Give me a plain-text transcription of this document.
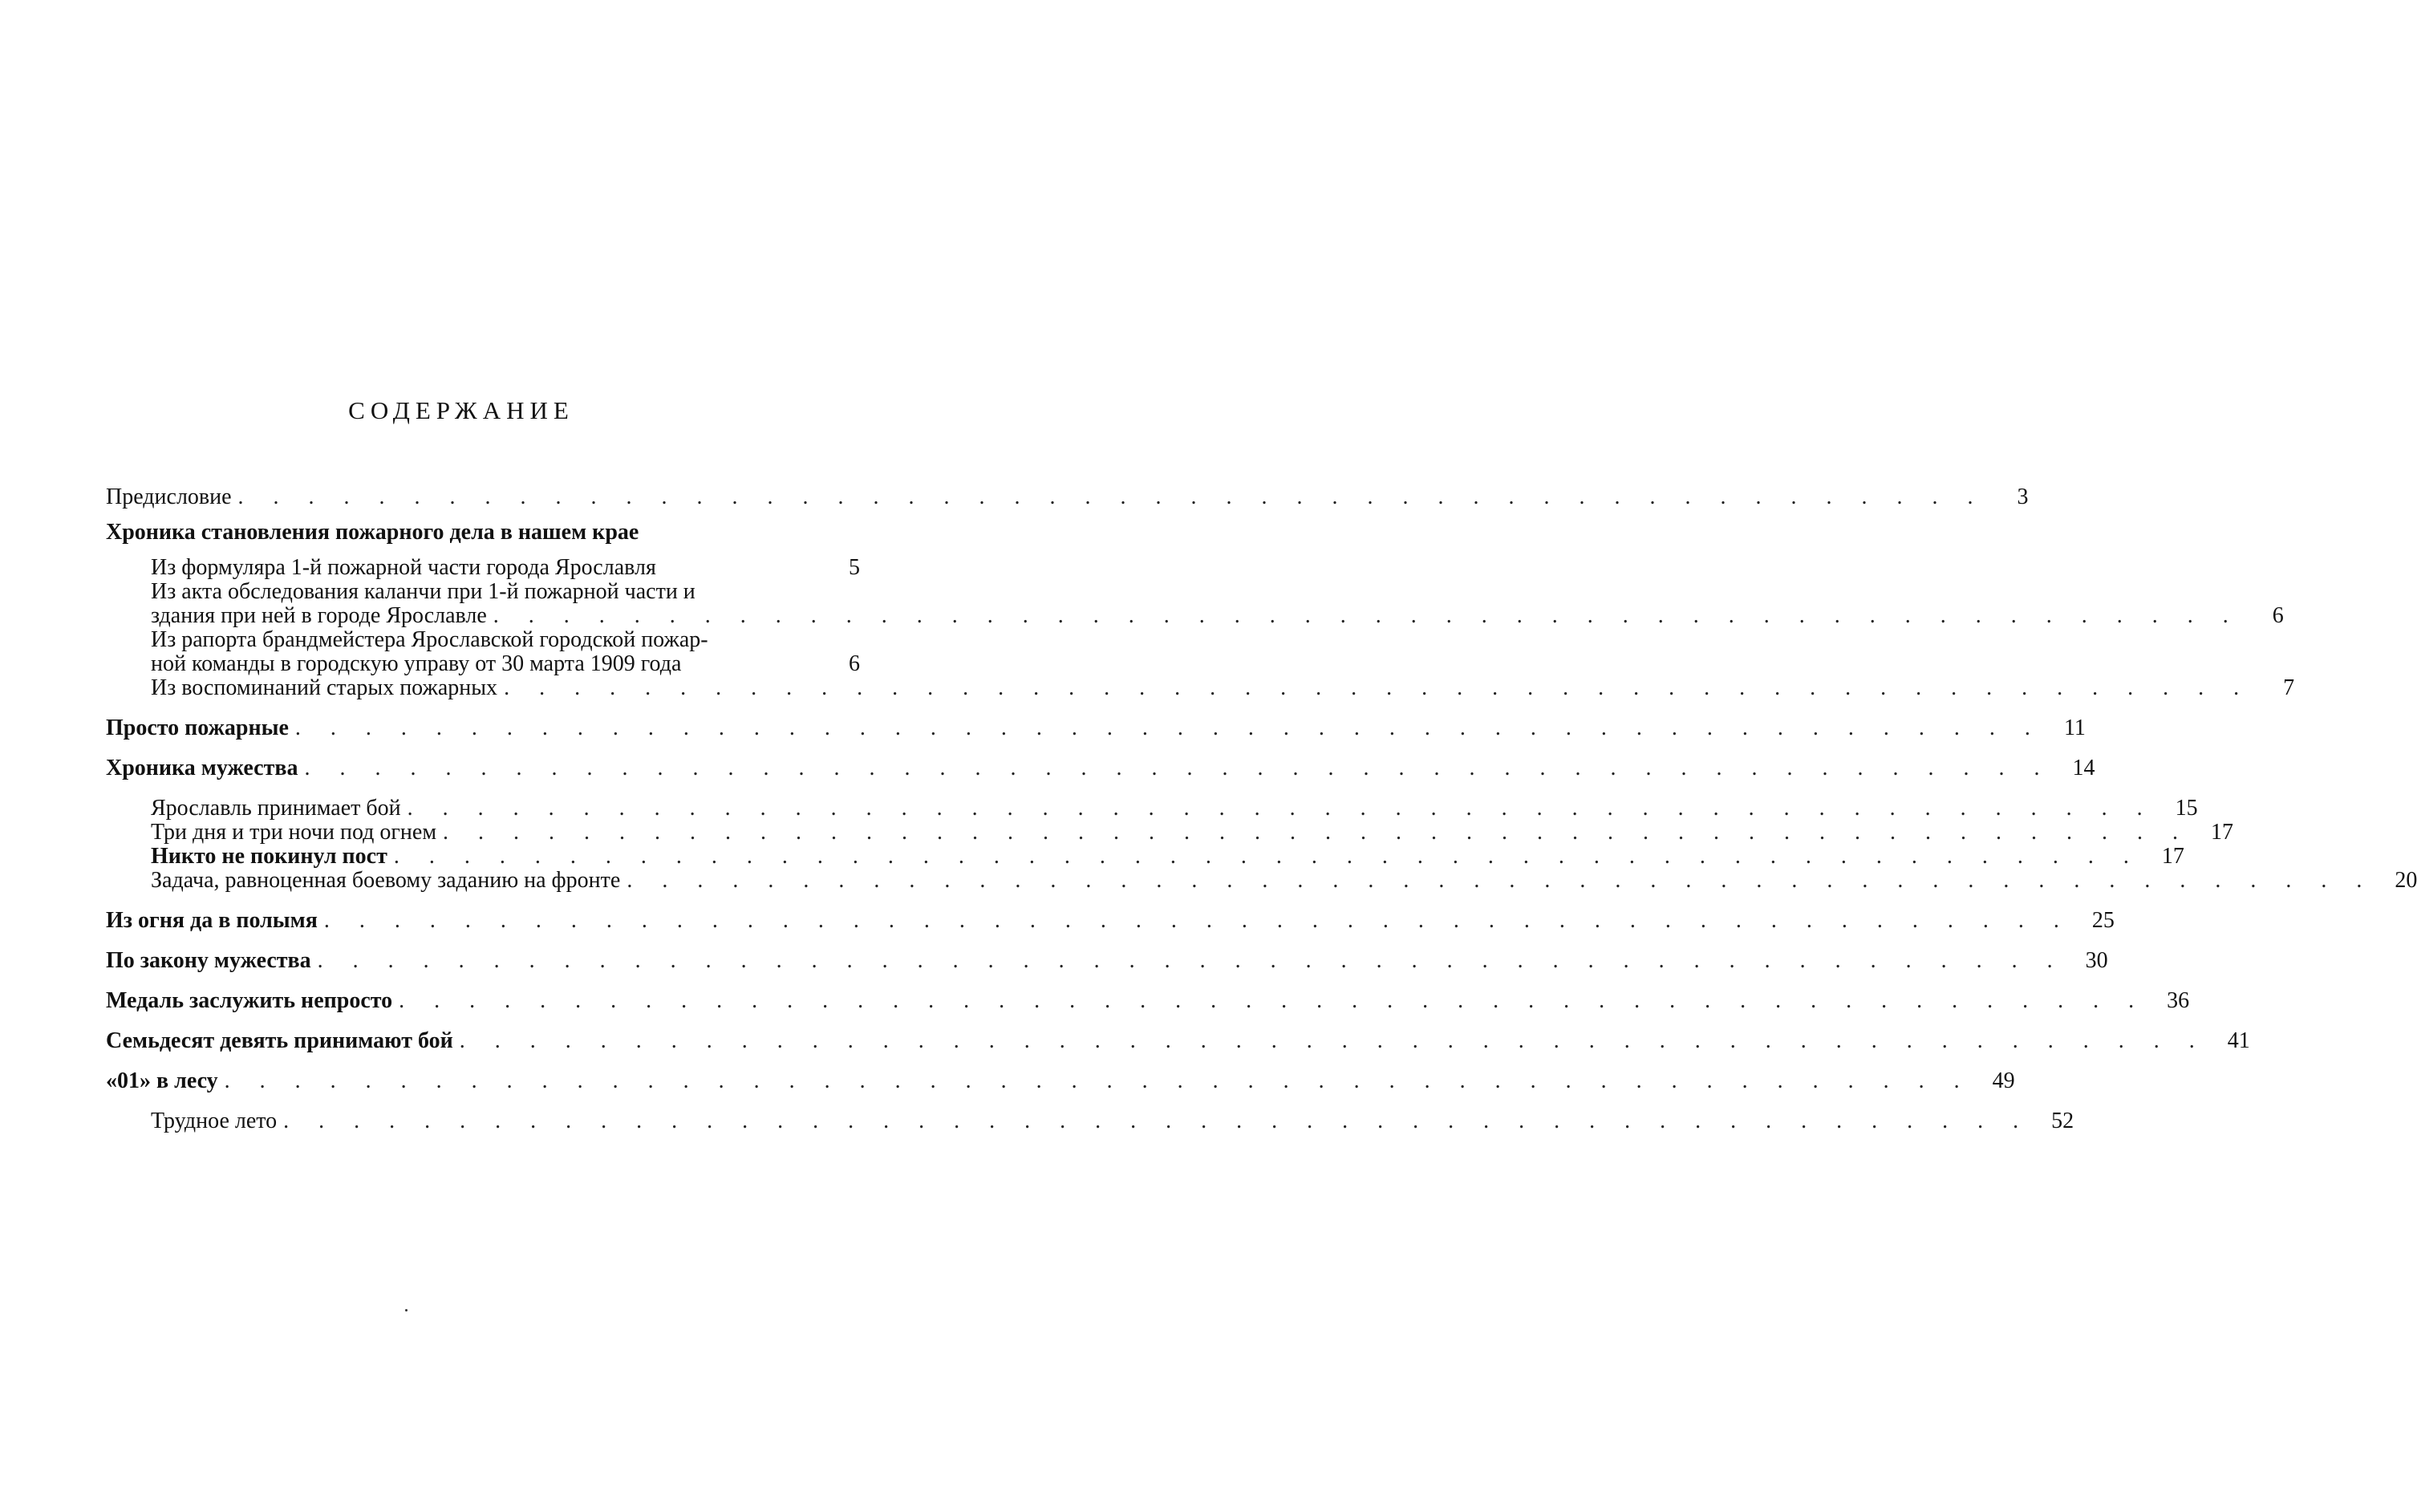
СОДЕРЖАНИЕ
Предисловие . . . . . . . . . . . . . . . . . . . . . . . . . . . . . . . . . . . . . . . . . . . . . . . . . .	3
Хроника становления пожарного дела в нашем крае
Из формуляра 1-й пожарной части города Ярославля	5
Из акта обследования каланчи при 1-й пожарной части и
здания при ней в городе Ярославле . . . . . . . . . . . . . . . . . . . . . . . . . . . . . . . . . . . . . . . . . . . . . . . . . .	6
Из рапорта брандмейстера Ярославской городской пожар-
ной команды в городскую управу от 30 марта 1909 года	6
Из воспоминаний старых пожарных . . . . . . . . . . . . . . . . . . . . . . . . . . . . . . . . . . . . . . . . . . . . . . . . . .	7
Просто пожарные . . . . . . . . . . . . . . . . . . . . . . . . . . . . . . . . . . . . . . . . . . . . . . . . . . 11
Хроника мужества . . . . . . . . . . . . . . . . . . . . . . . . . . . . . . . . . . . . . . . . . . . . . . . . . . 14
Ярославль принимает бой . . . . . . . . . . . . . . . . . . . . . . . . . . . . . . . . . . . . . . . . . . . . . . . . . . 15
Три дня и три ночи под огнем . . . . . . . . . . . . . . . . . . . . . . . . . . . . . . . . . . . . . . . . . . . . . . . . . . 17
Никто не покинул пост . . . . . . . . . . . . . . . . . . . . . . . . . . . . . . . . . . . . . . . . . . . . . . . . . . 17
Задача, равноценная боевому заданию на фронте . . . . . . . . . . . . . . . . . . . . . . . . . . . . . . . . . . . . . . . . . . . . . . . . . . 20
Из огня да в полымя . . . . . . . . . . . . . . . . . . . . . . . . . . . . . . . . . . . . . . . . . . . . . . . . . . 25
По закону мужества . . . . . . . . . . . . . . . . . . . . . . . . . . . . . . . . . . . . . . . . . . . . . . . . . . 30
Медаль заслужить непросто . . . . . . . . . . . . . . . . . . . . . . . . . . . . . . . . . . . . . . . . . . . . . . . . . . 36
Семьдесят девять принимают бой . . . . . . . . . . . . . . . . . . . . . . . . . . . . . . . . . . . . . . . . . . . . . . . . . . 41
«01» в лесу . . . . . . . . . . . . . . . . . . . . . . . . . . . . . . . . . . . . . . . . . . . . . . . . . . 49
Трудное лето . . . . . . . . . . . . . . . . . . . . . . . . . . . . . . . . . . . . . . . . . . . . . . . . . . 52
